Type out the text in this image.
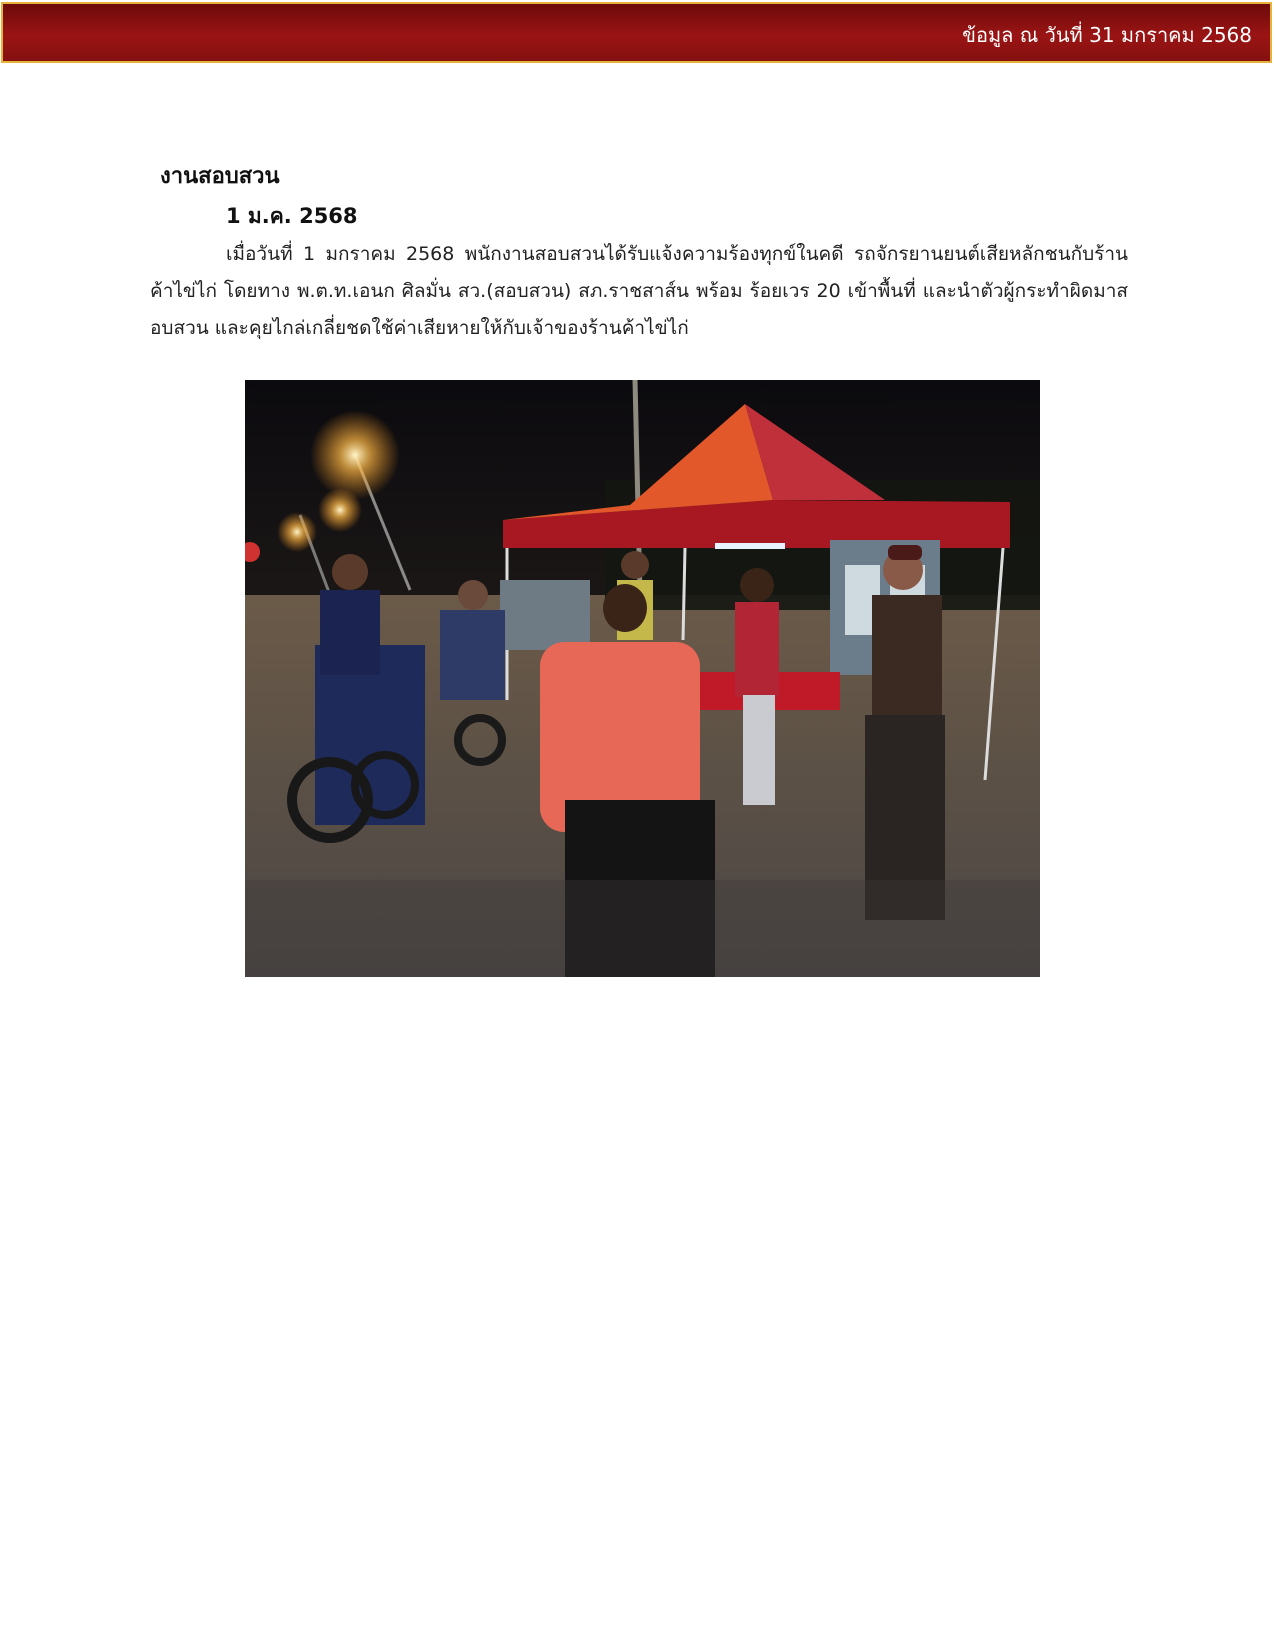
ข้อมูล ณ วันที่ 31 มกราคม 2568
งานสอบสวน
1 ม.ค. 2568
เมื่อวันที่ 1 มกราคม 2568 พนักงานสอบสวนได้รับแจ้งความร้องทุกข์ในคดี รถจักรยานยนต์เสียหลักชนกับร้านค้าไข่ไก่ โดยทาง พ.ต.ท.เอนก ศิลมั่น สว.(สอบสวน) สภ.ราชสาส์น พร้อม ร้อยเวร 20 เข้าพื้นที่ และนำตัวผู้กระทำผิดมาสอบสวน และคุยไกล่เกลี่ยชดใช้ค่าเสียหายให้กับเจ้าของร้านค้าไข่ไก่
